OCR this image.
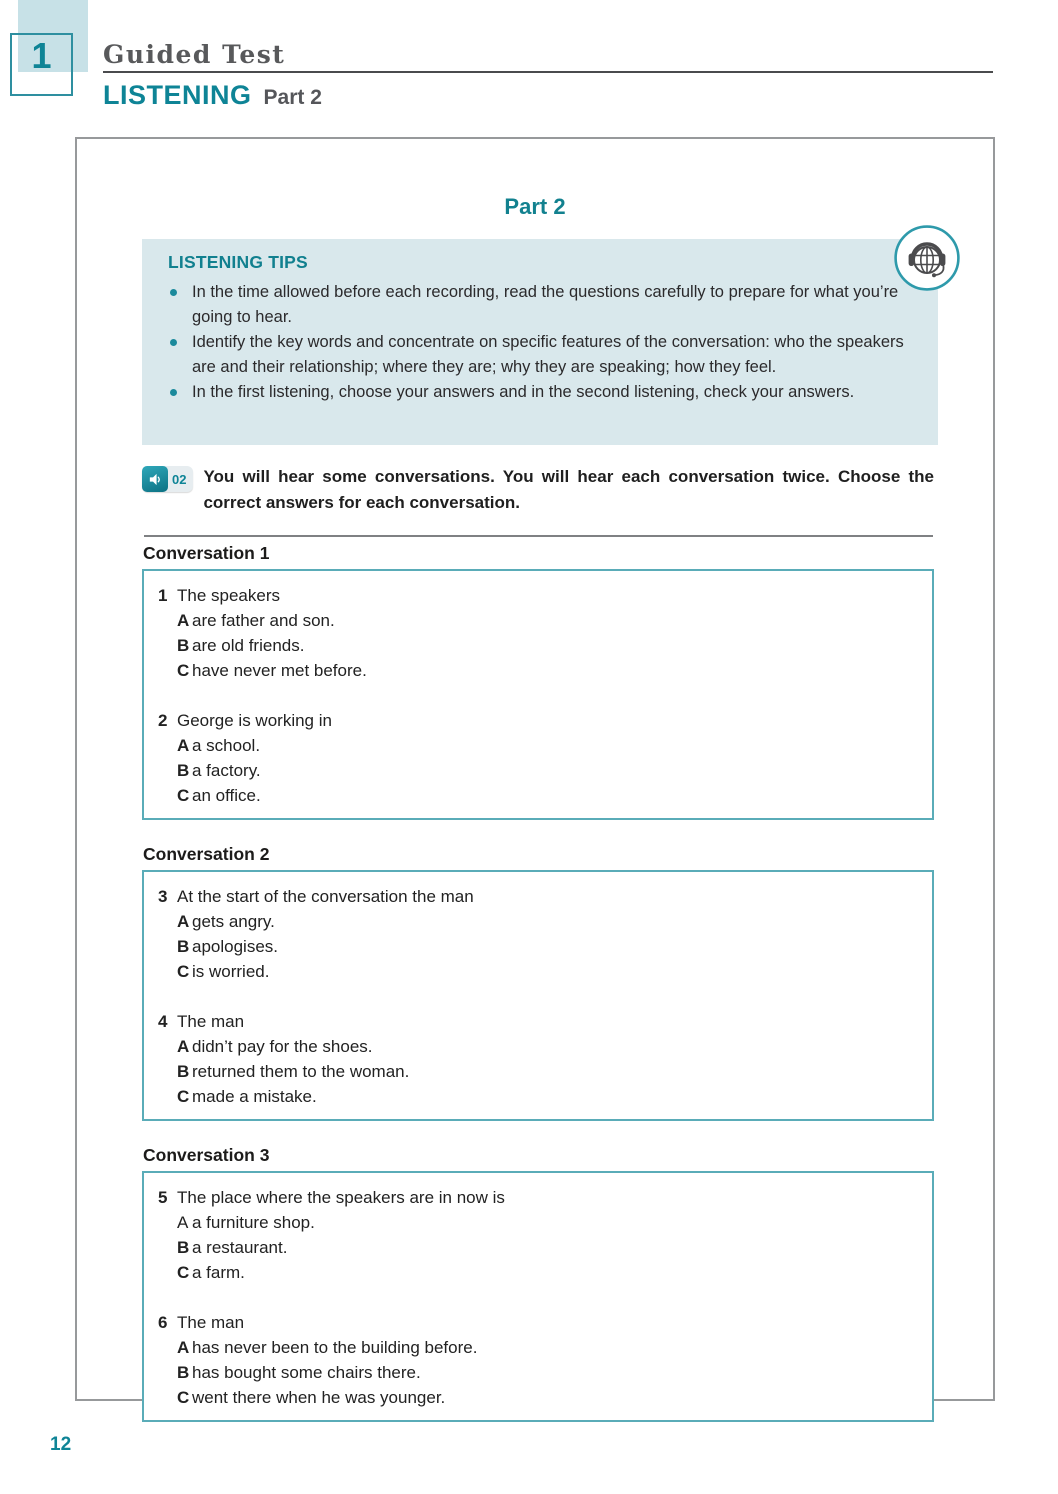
1 Guided Test
LISTENING Part 2
Part 2
LISTENING TIPS
In the time allowed before each recording, read the questions carefully to prepare for what you’re going to hear.
Identify the key words and concentrate on specific features of the conversation: who the speakers are and their relationship; where they are; why they are speaking; how they feel.
In the first listening, choose your answers and in the second listening, check your answers.
02	You will hear some conversations. You will hear each conversation twice. Choose the correct answers for each conversation.

Conversation 1
1 The speakers
A are father and son.
B are old friends.
C have never met before.
2 George is working in
A a school.
B a factory.
C an office.
Conversation 2
3 At the start of the conversation the man
A gets angry.
B apologises.
C is worried.
4 The man
A didn’t pay for the shoes.
B returned them to the woman.
C made a mistake.
Conversation 3
5 The place where the speakers are in now is
A a furniture shop.
B a restaurant.
C a farm.
6 The man
A has never been to the building before.
B has bought some chairs there.
C went there when he was younger.
12
